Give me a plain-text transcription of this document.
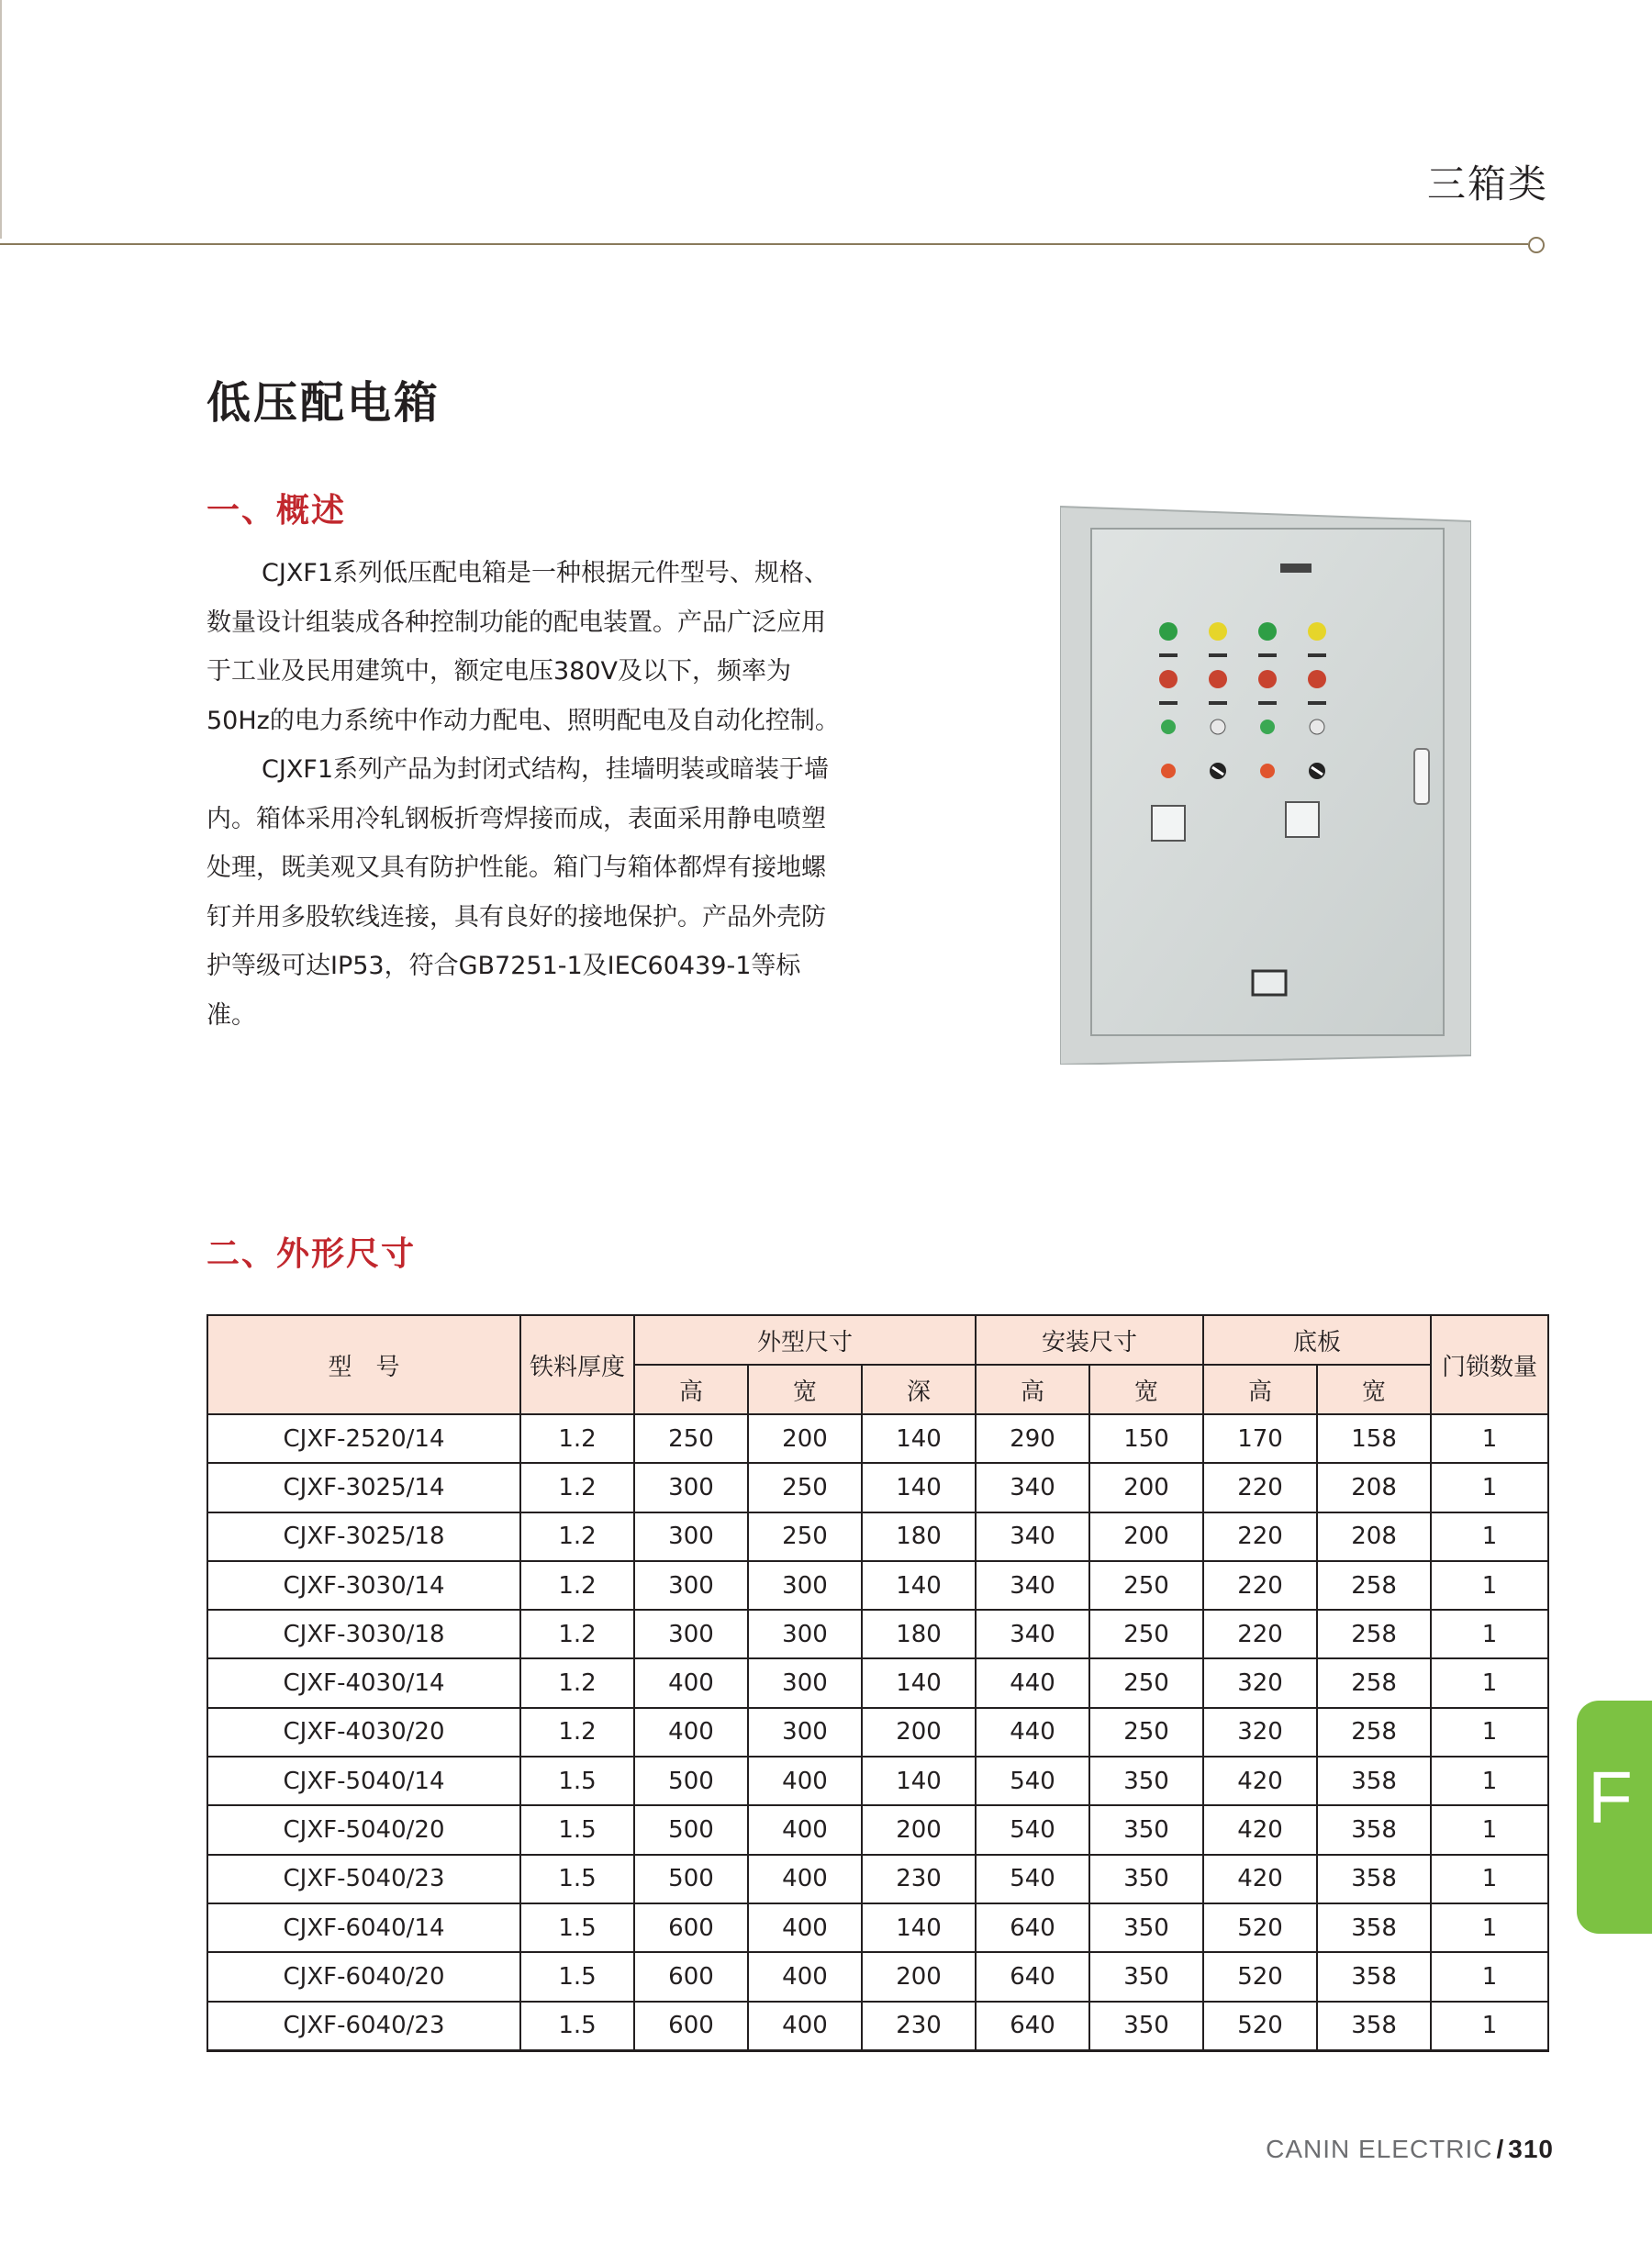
三箱类
低压配电箱
一、概述

CJXF1系列低压配电箱是一种根据元件型号、规格、数量设计组装成各种控制功能的配电装置。产品广泛应用于工业及民用建筑中，额定电压380V及以下，频率为50Hz的电力系统中作动力配电、照明配电及自动化控制。

CJXF1系列产品为封闭式结构，挂墙明装或暗装于墙内。箱体采用冷轧钢板折弯焊接而成，表面采用静电喷塑处理，既美观又具有防护性能。箱门与箱体都焊有接地螺钉并用多股软线连接，具有良好的接地保护。产品外壳防护等级可达IP53，符合GB7251-1及IEC60439-1等标准。

二、外形尺寸
型　号	铁料厚度	外型尺寸			安装尺寸		底板		门锁数量
		高	宽	深	高	宽	高	宽	
CJXF-2520/14	1.2	250	200	140	290	150	170	158	1
CJXF-3025/14	1.2	300	250	140	340	200	220	208	1
CJXF-3025/18	1.2	300	250	180	340	200	220	208	1
CJXF-3030/14	1.2	300	300	140	340	250	220	258	1
CJXF-3030/18	1.2	300	300	180	340	250	220	258	1
CJXF-4030/14	1.2	400	300	140	440	250	320	258	1
CJXF-4030/20	1.2	400	300	200	440	250	320	258	1
CJXF-5040/14	1.5	500	400	140	540	350	420	358	1
CJXF-5040/20	1.5	500	400	200	540	350	420	358	1
CJXF-5040/23	1.5	500	400	230	540	350	420	358	1
CJXF-6040/14	1.5	600	400	140	640	350	520	358	1
CJXF-6040/20	1.5	600	400	200	640	350	520	358	1
CJXF-6040/23	1.5	600	400	230	640	350	520	358	1
F
CANIN ELECTRIC / 310
